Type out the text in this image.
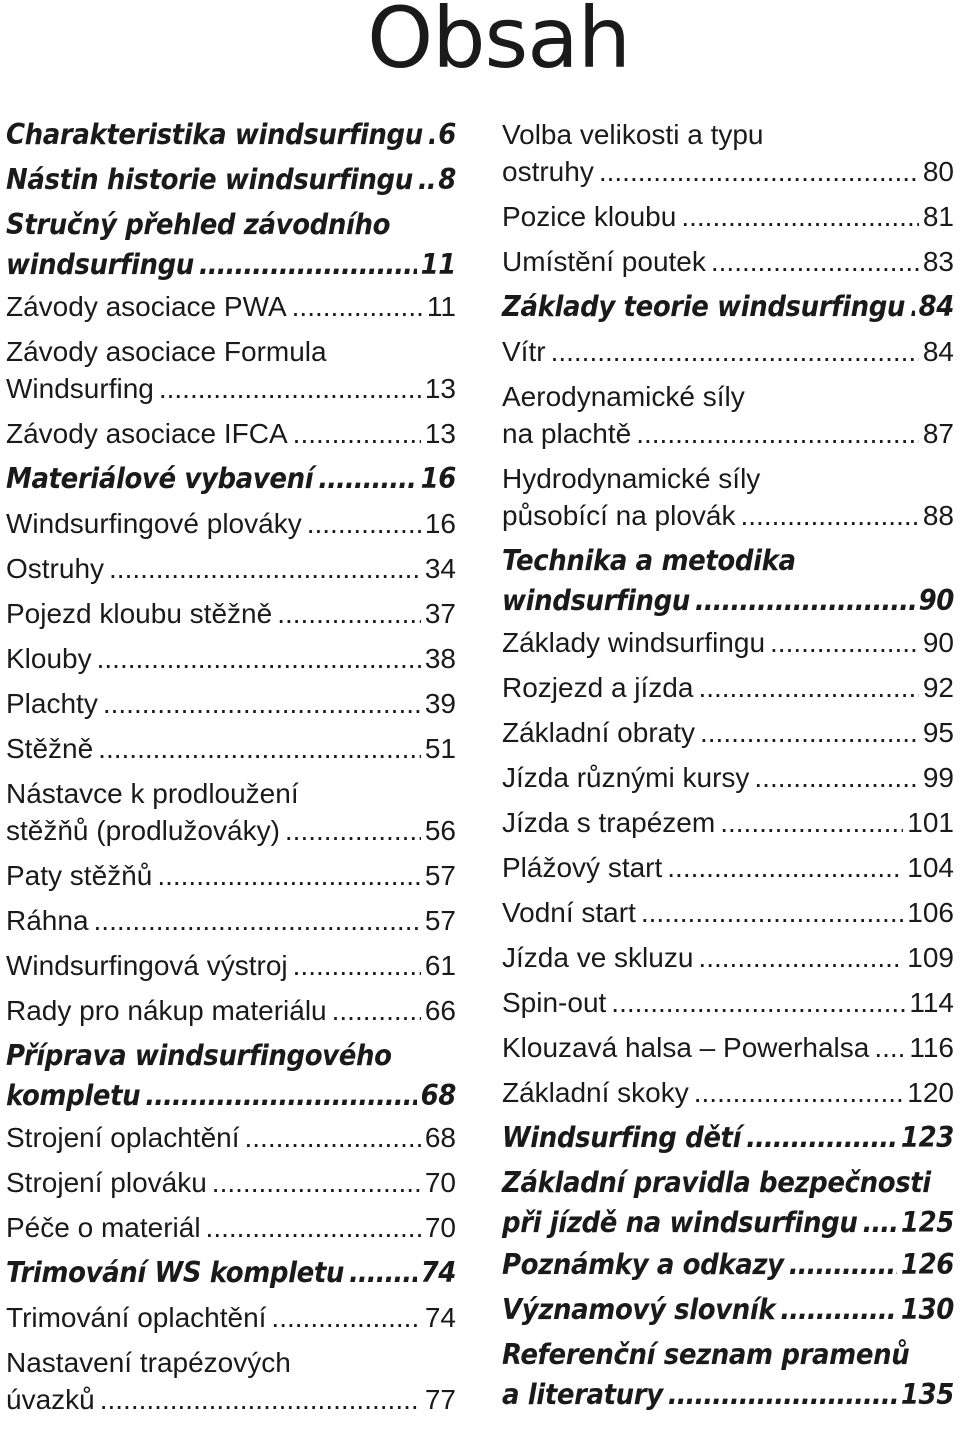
Obsah
Charakteristika windsurfingu ..... 6
Nástin historie windsurfingu ..... 8
Stručný přehled závodního
windsurfingu .....	11
Závody asociace PWA .....	11
Závody asociace Formula
Windsurfing .....	13
Závody asociace IFCA .....	13
Materiálové vybavení .....	16
Windsurfingové plováky .....	16
Ostruhy .....	34
Pojezd kloubu stěžně .....	37
Klouby .....	38
Plachty .....	39
Stěžně .....	51
Nástavce k prodloužení
stěžňů (prodlužováky) .....	56
Paty stěžňů .....	57
Ráhna .....	57
Windsurfingová výstroj .....	61
Rady pro nákup materiálu .....	66
Příprava windsurfingového
kompletu .....	68
Strojení oplachtění .....	68
Strojení plováku .....	70
Péče o materiál .....	70
Trimování WS kompletu .....	74
Trimování oplachtění .....	74
Nastavení trapézových
úvazků .....	77
Volba velikosti a typu
ostruhy .....	80
Pozice kloubu .....	81
Umístění poutek .....	83
Základy teorie windsurfingu ..... 84
Vítr .....	84
Aerodynamické síly
na plachtě .....	87
Hydrodynamické síly
působící na plovák .....	88
Technika a metodika
windsurfingu .....	90
Základy windsurfingu .....	90
Rozjezd a jízda .....	92
Základní obraty .....	95
Jízda různými kursy .....	99
Jízda s trapézem .....	101
Plážový start .....	104
Vodní start .....	106
Jízda ve skluzu .....	109
Spin-out .....	114
Klouzavá halsa – Powerhalsa ..... 116
Základní skoky .....	120
Windsurfing dětí .....	123
Základní pravidla bezpečnosti
při jízdě na windsurfingu ..... 125
Poznámky a odkazy .....	126
Významový slovník .....	130
Referenční seznam pramenů
a literatury .....	135
